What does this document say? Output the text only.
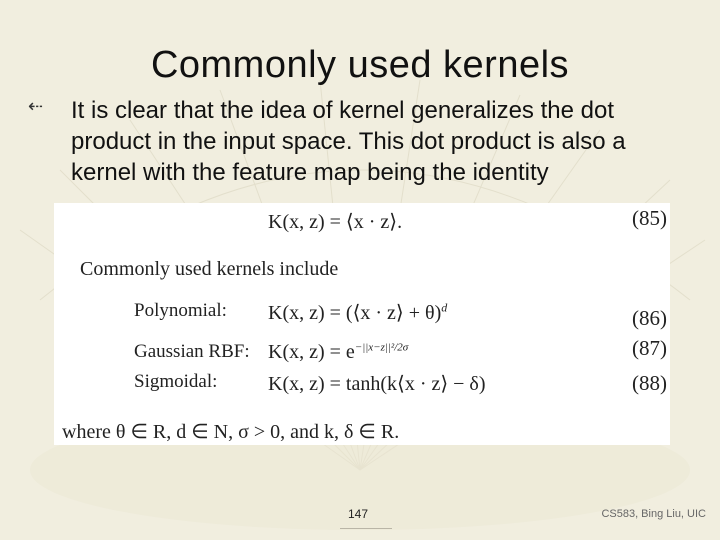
Commonly used kernels
⇠ It is clear that the idea of kernel generalizes the dot product in the input space. This dot product is also a kernel with the feature map being the identity
K(x, z) = ⟨x · z⟩.	(85)
Commonly used kernels include
Polynomial: K(x, z) = (⟨x · z⟩ + θ)$^d$	(86)
Gaussian RBF: K(x, $z) = e^{-||x-z||^2/2\sigma}$	(87)
Sigmoidal:	K(x, z) = tanh(k⟨x · z⟩ − δ)	(88)
where θ ∈ R, d ∈ N, σ > 0, and k, δ ∈ R.
147	CS583, Bing Liu, UIC
